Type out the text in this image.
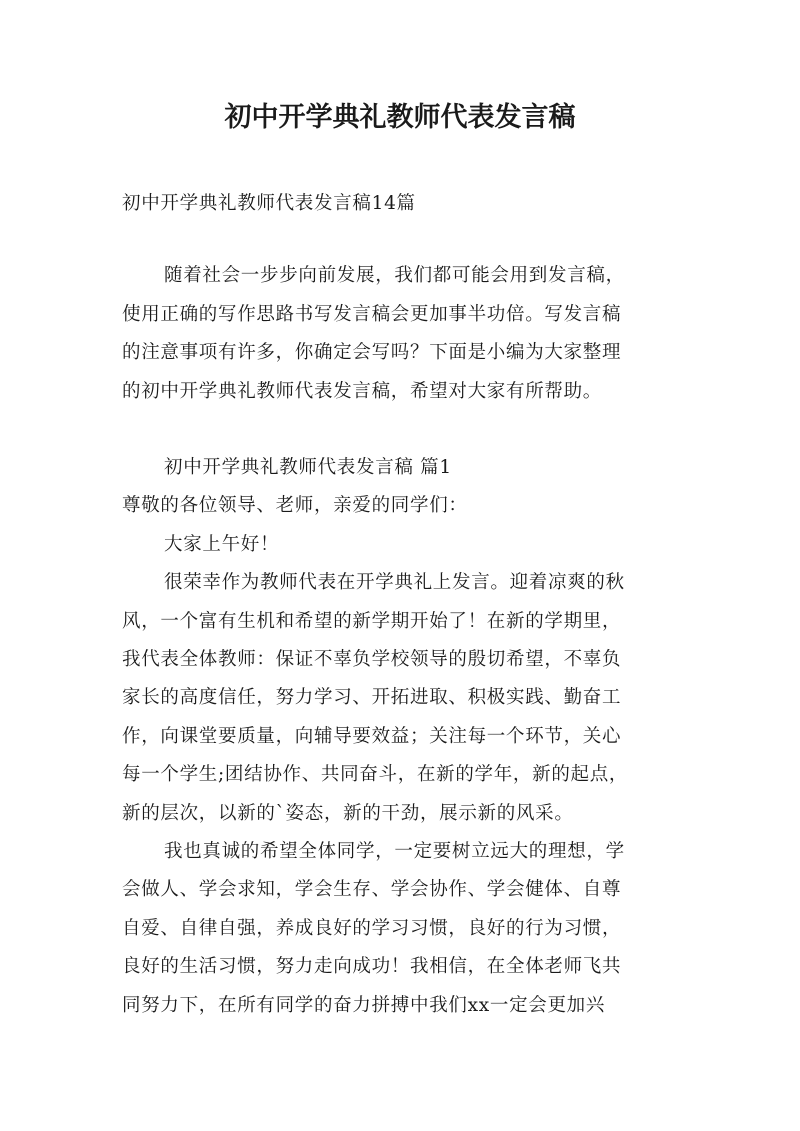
初中开学典礼教师代表发言稿
初中开学典礼教师代表发言稿14篇
随着社会一步步向前发展，我们都可能会用到发言稿，
使用正确的写作思路书写发言稿会更加事半功倍。写发言稿
的注意事项有许多，你确定会写吗？下面是小编为大家整理
的初中开学典礼教师代表发言稿，希望对大家有所帮助。
初中开学典礼教师代表发言稿 篇1
尊敬的各位领导、老师，亲爱的同学们：
大家上午好！
很荣幸作为教师代表在开学典礼上发言。迎着凉爽的秋
风，一个富有生机和希望的新学期开始了！在新的学期里，
我代表全体教师：保证不辜负学校领导的殷切希望，不辜负
家长的高度信任，努力学习、开拓进取、积极实践、勤奋工
作，向课堂要质量，向辅导要效益；关注每一个环节，关心
每一个学生;团结协作、共同奋斗，在新的学年，新的起点，
新的层次，以新的`姿态，新的干劲，展示新的风采。
我也真诚的希望全体同学，一定要树立远大的理想，学
会做人、学会求知，学会生存、学会协作、学会健体、自尊
自爱、自律自强，养成良好的学习习惯，良好的行为习惯，
良好的生活习惯，努力走向成功！我相信，在全体老师飞共
同努力下，在所有同学的奋力拼搏中我们xx一定会更加兴
